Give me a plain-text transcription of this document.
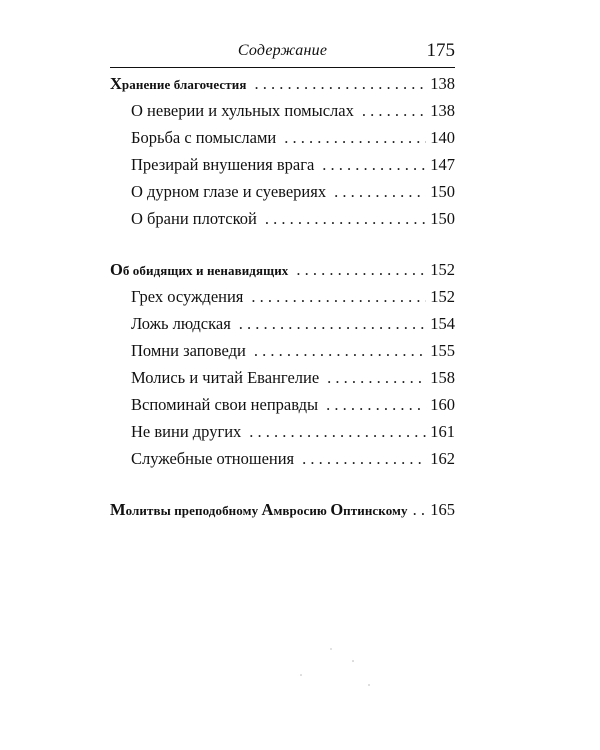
Содержание	175
Хранение благочестия . . .	138
О неверии и хульных помыслах . . .	138
Борьба с помыслами . . .	140
Презирай внушения врага . . .	147
О дурном глазе и суевериях . . .	150
О брани плотской . . .	150
Об обидящих и ненавидящих . . .	152
Грех осуждения . . .	152
Ложь людская . . .	154
Помни заповеди . . .	155
Молись и читай Евангелие . . .	158
Вспоминай свои неправды . . .	160
Не вини других . . .	161
Служебные отношения . . .	162
Молитвы преподобному Амвросию Оптинскому . . . 165
